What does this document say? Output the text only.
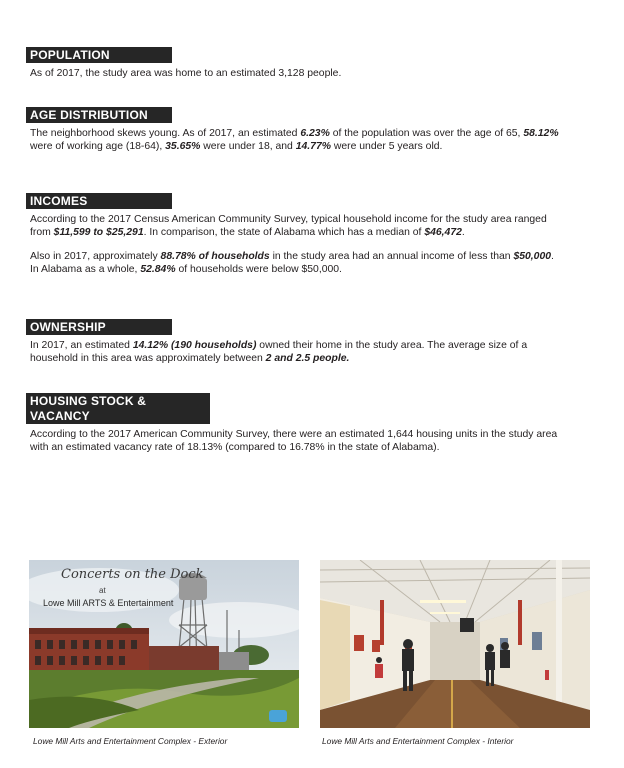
POPULATION
As of 2017, the study area was home to an estimated 3,128 people.
AGE DISTRIBUTION
The neighborhood skews young. As of 2017, an estimated 6.23% of the population was over the age of 65, 58.12% were of working age (18-64), 35.65% were under 18, and 14.77% were under 5 years old.
INCOMES
According to the 2017 Census American Community Survey, typical household income for the study area ranged from $11,599 to $25,291. In comparison, the state of Alabama which has a median of $46,472.
Also in 2017, approximately 88.78% of households in the study area had an annual income of less than $50,000. In Alabama as a whole, 52.84% of households were below $50,000.
OWNERSHIP
In 2017, an estimated 14.12% (190 households) owned their home in the study area. The average size of a household in this area was approximately between 2 and 2.5 people.
HOUSING STOCK & VACANCY
According to the 2017 American Community Survey, there were an estimated 1,644 housing units in the study area with an estimated vacancy rate of 18.13% (compared to 16.78% in the state of Alabama).
Concerts on the Dock
at
Lowe Mill ARTS & Entertainment
Lowe Mill Arts and Entertainment Complex - Exterior	Lowe Mill Arts and Entertainment Complex - Interior
